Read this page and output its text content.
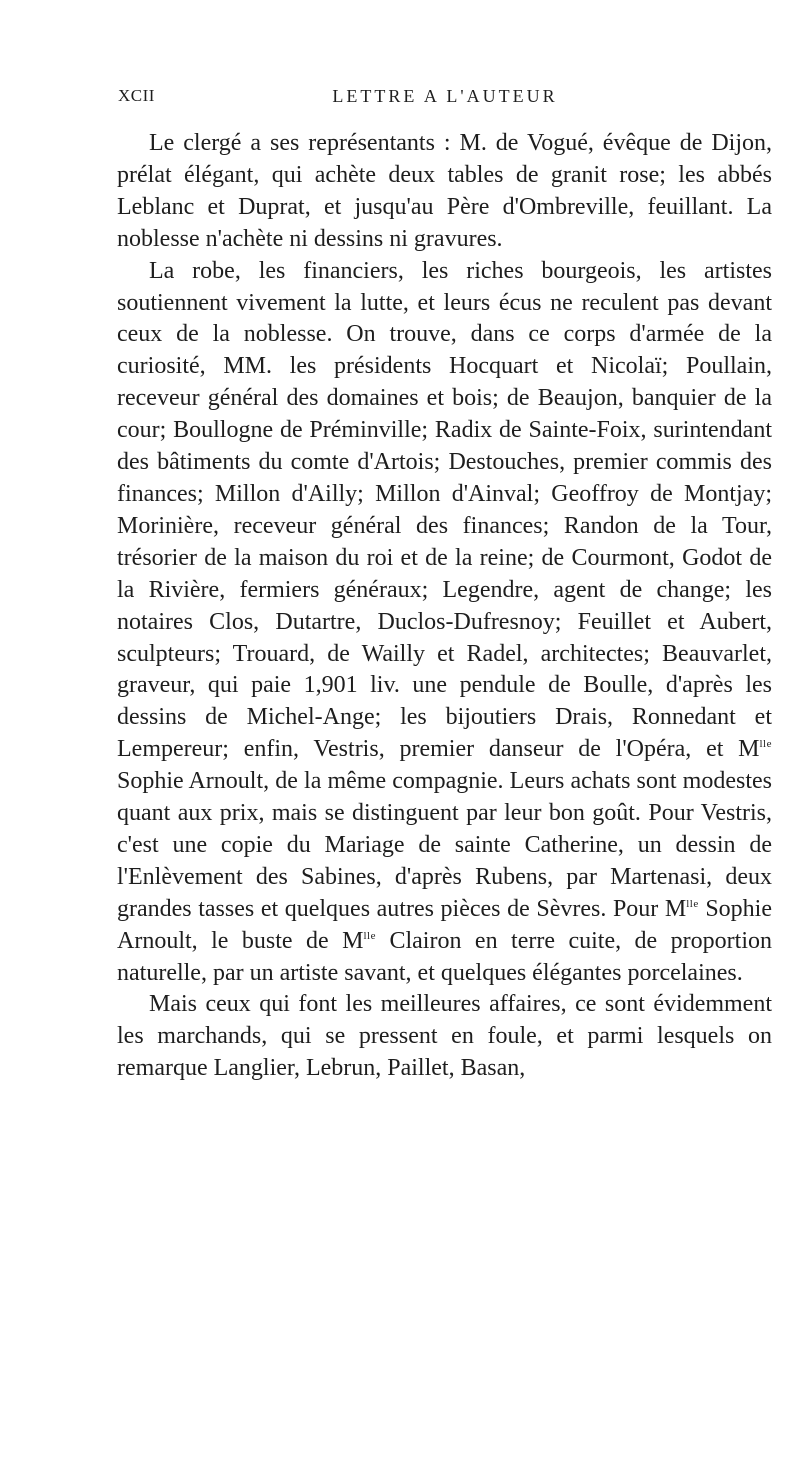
XCII	LETTRE A L'AUTEUR

Le clergé a ses représentants : M. de Vogué, évêque de Dijon, prélat élégant, qui achète deux tables de granit rose; les abbés Leblanc et Duprat, et jusqu'au Père d'Ombreville, feuillant. La noblesse n'achète ni dessins ni gravures.

La robe, les financiers, les riches bourgeois, les artistes soutiennent vivement la lutte, et leurs écus ne reculent pas devant ceux de la noblesse. On trouve, dans ce corps d'armée de la curiosité, MM. les présidents Hocquart et Nicolaï; Poullain, receveur général des domaines et bois; de Beaujon, banquier de la cour; Boullogne de Préminville; Radix de Sainte-Foix, surintendant des bâtiments du comte d'Artois; Destouches, premier commis des finances; Millon d'Ailly; Millon d'Ainval; Geoffroy de Montjay; Morinière, receveur général des finances; Randon de la Tour, trésorier de la maison du roi et de la reine; de Courmont, Godot de la Rivière, fermiers généraux; Legendre, agent de change; les notaires Clos, Dutartre, Duclos-Dufresnoy; Feuillet et Aubert, sculpteurs; Trouard, de Wailly et Radel, architectes; Beauvarlet, graveur, qui paie 1,901 liv. une pendule de Boulle, d'après les dessins de Michel-Ange; les bijoutiers Drais, Ronnedant et Lempereur; enfin, Vestris, premier danseur de l'Opéra, et $M^{lle}$ Sophie Arnoult, de la même compagnie. Leurs achats sont modestes quant aux prix, mais se distinguent par leur bon goût. Pour Vestris, c'est une copie du Mariage de sainte Catherine, un dessin de l'Enlèvement des Sabines, d'après Rubens, par Martenasi, deux grandes tasses et quelques autres pièces de Sèvres. Pour $M^{lle}$ Sophie Arnoult, le buste de $M^{lle}$ Clairon en terre cuite, de proportion naturelle, par un artiste savant, et quelques élégantes porcelaines.

Mais ceux qui font les meilleures affaires, ce sont évidemment les marchands, qui se pressent en foule, et parmi lesquels on remarque Langlier, Lebrun, Paillet, Basan,
